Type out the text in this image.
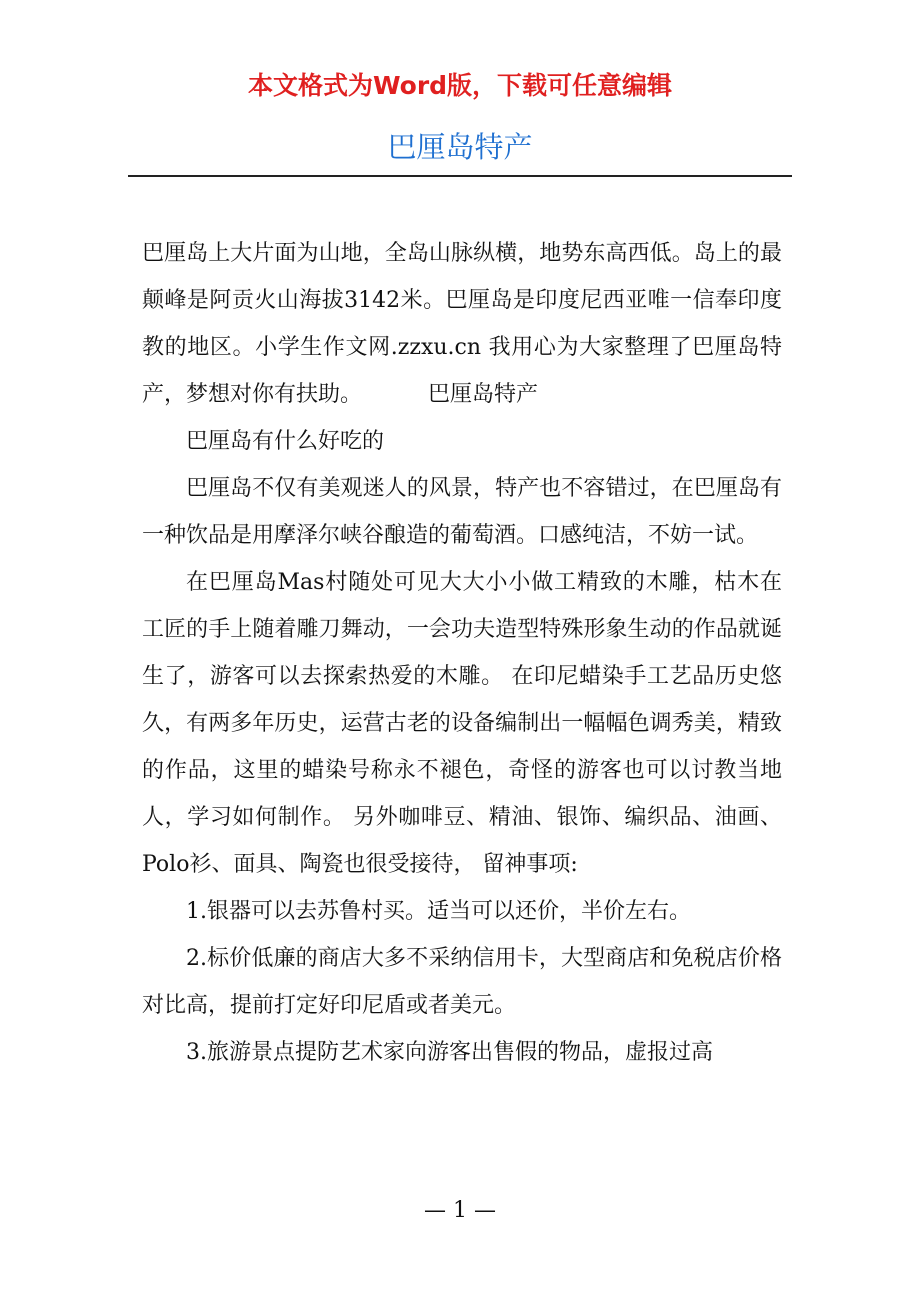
本文格式为Word版，下载可任意编辑
巴厘岛特产

巴厘岛上大片面为山地，全岛山脉纵横，地势东高西低。岛上的最颠峰是阿贡火山海拔3142米。巴厘岛是印度尼西亚唯一信奉印度教的地区。小学生作文网.zzxu.cn 我用心为大家整理了巴厘岛特产，梦想对你有扶助。	巴厘岛特产

巴厘岛有什么好吃的

巴厘岛不仅有美观迷人的风景，特产也不容错过，在巴厘岛有一种饮品是用摩泽尔峡谷酿造的葡萄酒。口感纯洁，不妨一试。

在巴厘岛Mas村随处可见大大小小做工精致的木雕，枯木在工匠的手上随着雕刀舞动，一会功夫造型特殊形象生动的作品就诞生了，游客可以去探索热爱的木雕。 在印尼蜡染手工艺品历史悠久，有两多年历史，运营古老的设备编制出一幅幅色调秀美，精致的作品，这里的蜡染号称永不褪色，奇怪的游客也可以讨教当地人，学习如何制作。 另外咖啡豆、精油、银饰、编织品、油画、Polo衫、面具、陶瓷也很受接待， 留神事项:

1.银器可以去苏鲁村买。适当可以还价，半价左右。

2.标价低廉的商店大多不采纳信用卡，大型商店和免税店价格对比高，提前打定好印尼盾或者美元。

3.旅游景点提防艺术家向游客出售假的物品，虚报过高

— 1 —
